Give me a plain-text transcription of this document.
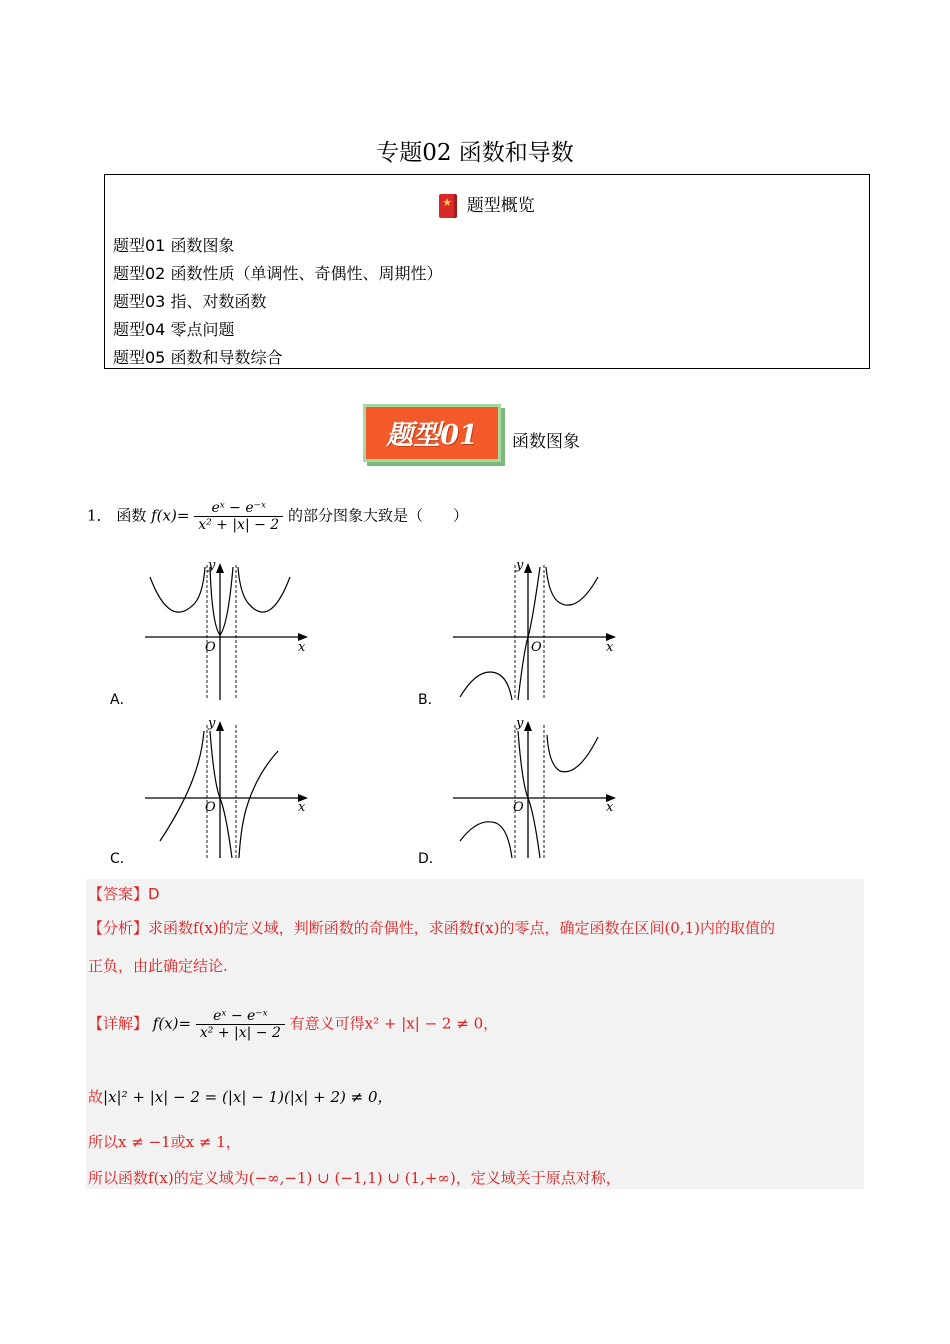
专题02 函数和导数
★ 题型概览
题型01 函数图象
题型02 函数性质（单调性、奇偶性、周期性）
题型03 指、对数函数
题型04 零点问题
题型05 函数和导数综合
题型01	函数图象
1． 函数 $f(x)= \frac{\text{eˣ − e⁻ˣ}}{\text{x² + |x| − 2}}$ 的部分图象大致是（　　）
O	x
y
A．
O	x
y
B．
O	x
y
C．
O	x
y
D．
【答案】D
【分析】求函数f(x)的定义域，判断函数的奇偶性，求函数f(x)的零点，确定函数在区间(0,1)内的取值的
正负，由此确定结论.
【详解】 $f(x)= \frac{\text{eˣ − e⁻ˣ}}{\text{x² + |x| − 2}}$ 有意义可得x² + |x| − 2 ≠ 0，
故|x|² + |x| − 2 = (|x| − 1)(|x| + 2) ≠ 0，
所以x ≠ −1或x ≠ 1，
所以函数f(x)的定义域为(−∞,−1) ∪ (−1,1) ∪ (1,+∞)，定义域关于原点对称，
